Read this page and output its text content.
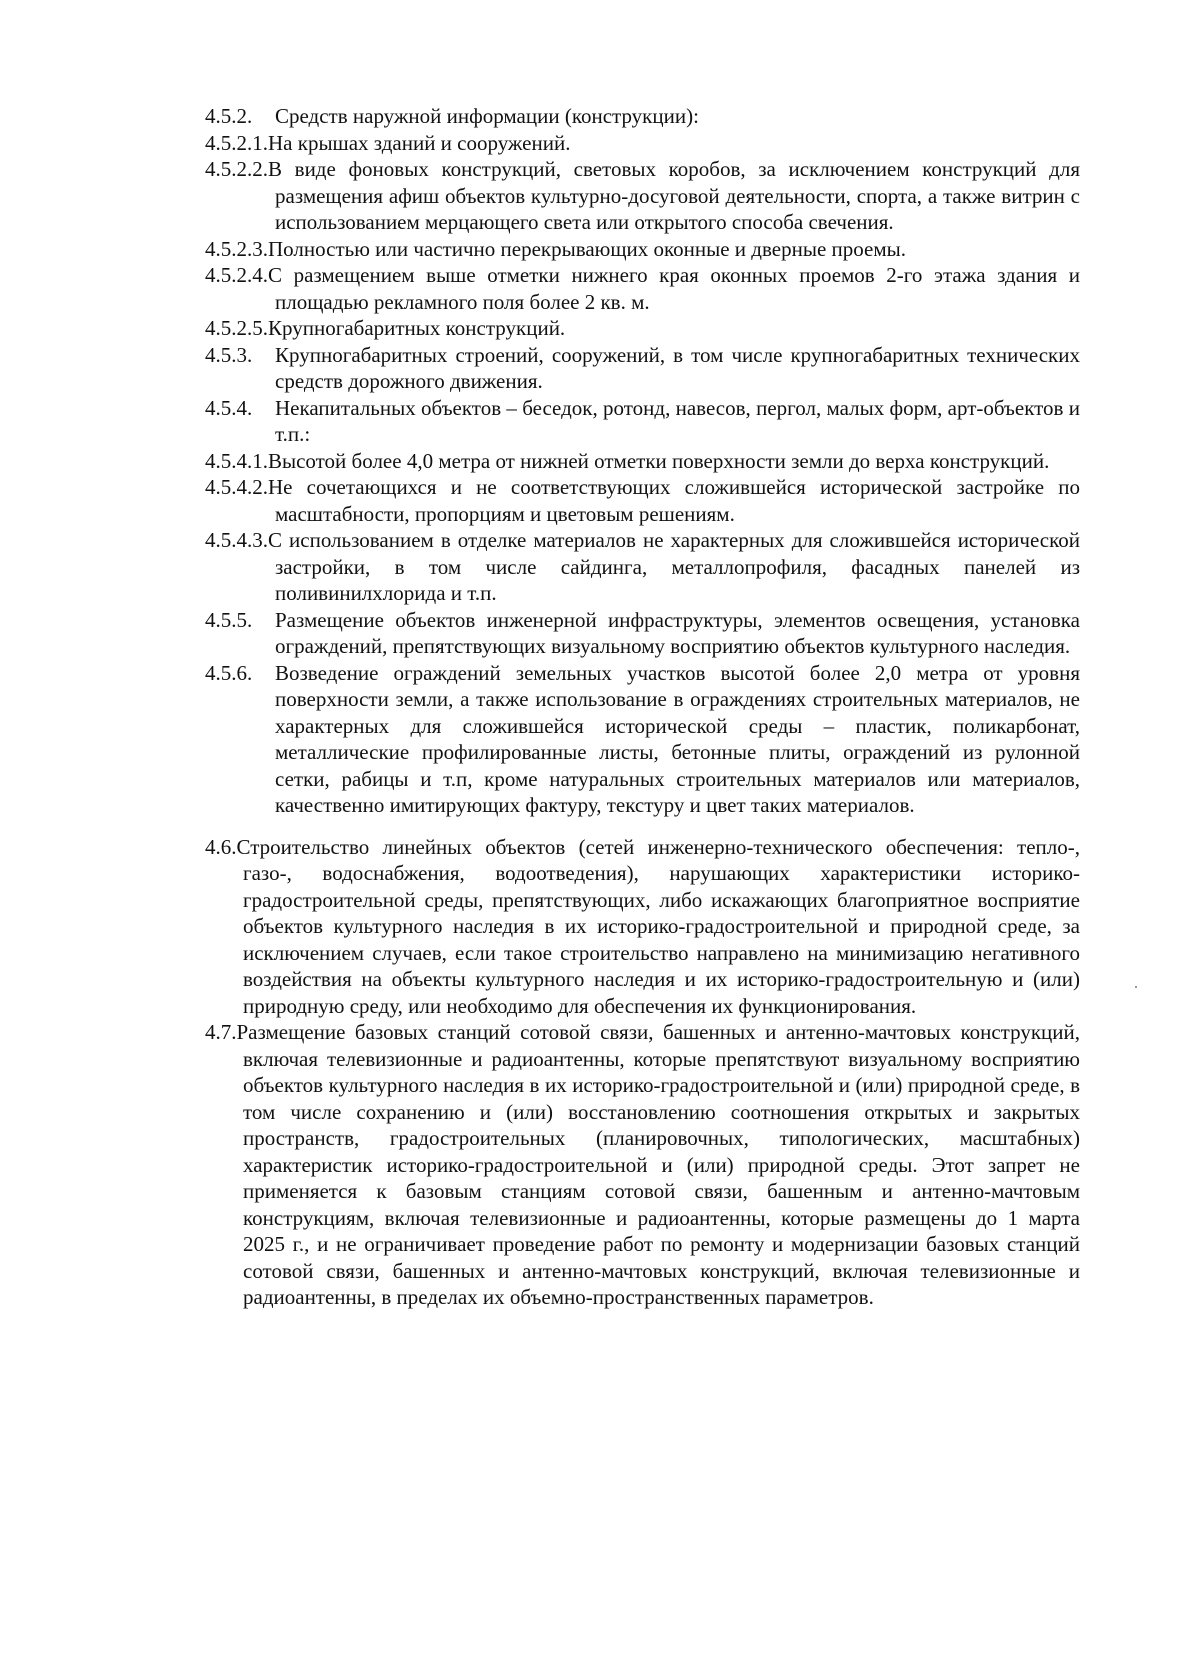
4.5.2. Средств наружной информации (конструкции):

4.5.2.1.На крышах зданий и сооружений.

4.5.2.2.В виде фоновых конструкций, световых коробов, за исключением конструкций для размещения афиш объектов культурно-досуговой деятельности, спорта, а также витрин с использованием мерцающего света или открытого способа свечения.

4.5.2.3.Полностью или частично перекрывающих оконные и дверные проемы.

4.5.2.4.С размещением выше отметки нижнего края оконных проемов 2-го этажа здания и площадью рекламного поля более 2 кв. м.

4.5.2.5.Крупногабаритных конструкций.

4.5.3. Крупногабаритных строений, сооружений, в том числе крупногабаритных технических средств дорожного движения.

4.5.4. Некапитальных объектов – беседок, ротонд, навесов, пергол, малых форм, арт-объектов и т.п.:

4.5.4.1.Высотой более 4,0 метра от нижней отметки поверхности земли до верха конструкций.

4.5.4.2.Не сочетающихся и не соответствующих сложившейся исторической застройке по масштабности, пропорциям и цветовым решениям.

4.5.4.3.С использованием в отделке материалов не характерных для сложившейся исторической застройки, в том числе сайдинга, металлопрофиля, фасадных панелей из поливинилхлорида и т.п.

4.5.5. Размещение объектов инженерной инфраструктуры, элементов освещения, установка ограждений, препятствующих визуальному восприятию объектов культурного наследия.

4.5.6. Возведение ограждений земельных участков высотой более 2,0 метра от уровня поверхности земли, а также использование в ограждениях строительных материалов, не характерных для сложившейся исторической среды – пластик, поликарбонат, металлические профилированные листы, бетонные плиты, ограждений из рулонной сетки, рабицы и т.п, кроме натуральных строительных материалов или материалов, качественно имитирующих фактуру, текстуру и цвет таких материалов.

4.6.Строительство линейных объектов (сетей инженерно-технического обеспечения: тепло-, газо-, водоснабжения, водоотведения), нарушающих характеристики историко-градостроительной среды, препятствующих, либо искажающих благоприятное восприятие объектов культурного наследия в их историко-градостроительной и природной среде, за исключением случаев, если такое строительство направлено на минимизацию негативного воздействия на объекты культурного наследия и их историко-градостроительную и (или) природную среду, или необходимо для обеспечения их функционирования.

4.7.Размещение базовых станций сотовой связи, башенных и антенно-мачтовых конструкций, включая телевизионные и радиоантенны, которые препятствуют визуальному восприятию объектов культурного наследия в их историко-градостроительной и (или) природной среде, в том числе сохранению и (или) восстановлению соотношения открытых и закрытых пространств, градостроительных (планировочных, типологических, масштабных) характеристик историко-градостроительной и (или) природной среды. Этот запрет не применяется к базовым станциям сотовой связи, башенным и антенно-мачтовым конструкциям, включая телевизионные и радиоантенны, которые размещены до 1 марта 2025 г., и не ограничивает проведение работ по ремонту и модернизации базовых станций сотовой связи, башенных и антенно-мачтовых конструкций, включая телевизионные и радиоантенны, в пределах их объемно-пространственных параметров.
